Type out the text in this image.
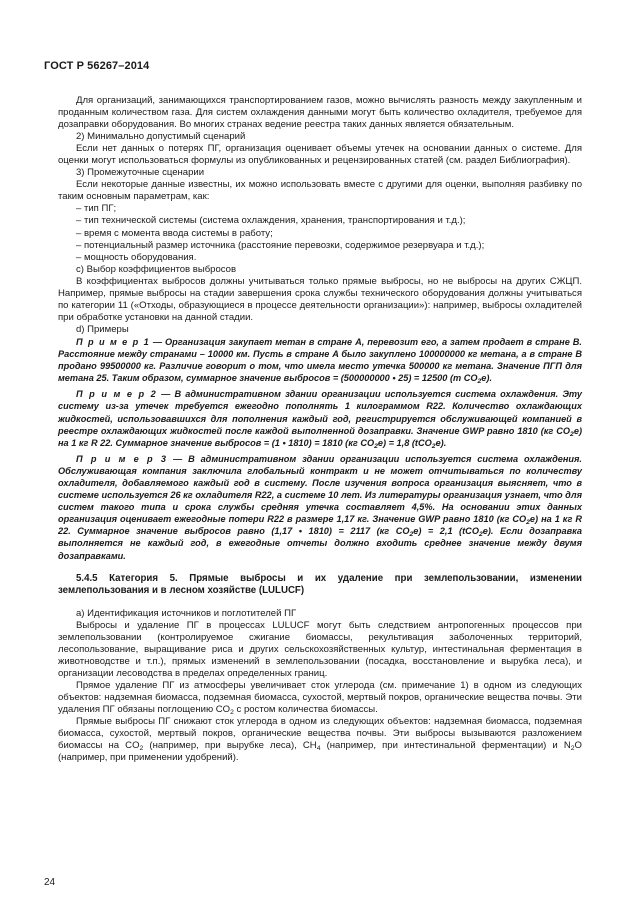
ГОСТ Р 56267–2014

Для организаций, занимающихся транспортированием газов, можно вычислять разность между закупленным и проданным количеством газа. Для систем охлаждения данными могут быть количество охладителя, требуемое для дозаправки оборудования. Во многих странах ведение реестра таких данных является обязательным.

2) Минимально допустимый сценарий

Если нет данных о потерях ПГ, организация оценивает объемы утечек на основании данных о системе. Для оценки могут использоваться формулы из опубликованных и рецензированных статей (см. раздел Библиография).

3) Промежуточные сценарии

Если некоторые данные известны, их можно использовать вместе с другими для оценки, выполняя разбивку по таким основным параметрам, как:

– тип ПГ;

– тип технической системы (система охлаждения, хранения, транспортирования и т.д.);

– время с момента ввода системы в работу;

– потенциальный размер источника (расстояние перевозки, содержимое резервуара и т.д.);

– мощность оборудования.

c) Выбор коэффициентов выбросов

В коэффициентах выбросов должны учитываться только прямые выбросы, но не выбросы на других СЖЦП. Например, прямые выбросы на стадии завершения срока службы технического оборудования должны учитываться по категории 11 («Отходы, образующиеся в процессе деятельности организации»): например, выбросы охладителей при обработке установки на данной стадии.

d) Примеры

П р и м е р 1 — Организация закупает метан в стране A, перевозит его, а затем продает в стране B. Расстояние между странами – 10000 км. Пусть в стране A было закуплено 100000000 кг метана, а в стране B продано 99500000 кг. Различие говорит о том, что имела место утечка 500000 кг метана. Значение ПГП для метана 25. Таким образом, суммарное значение выбросов = (500000000 • 25) = 12500 (т $CO_2e$).

П р и м е р 2 — В административном здании организации используется система охлаждения. Эту систему из-за утечек требуется ежегодно пополнять 1 килограммом R22. Количество охлаждающих жидкостей, использовавшихся для пополнения каждый год, регистрируется обслуживающей компанией в реестре охлаждающих жидкостей после каждой выполненной дозаправки. Значение GWP равно 1810 (кг $CO_2e$) на 1 кг R 22. Суммарное значение выбросов = (1 • 1810) = 1810 (кг $CO_2e) = 1,8$ (tCO$_2$e).

П р и м е р 3 — В административном здании организации используется система охлаждения. Обслуживающая компания заключила глобальный контракт и не может отчитываться по количеству охладителя, добавляемого каждый год в систему. После изучения вопроса организация выясняет, что в системе используется 26 кг охладителя R22, а системе 10 лет. Из литературы организация узнает, что для систем такого типа и срока службы средняя утечка составляет 4,5%. На основании этих данных организация оценивает ежегодные потери R22 в размере 1,17 кг. Значение GWP равно 1810 (кг $CO_2e$) на 1 кг R 22. Суммарное значение выбросов равно (1,17 • 1810) = 2117 (кг $CO_2e) = 2,1$ (tCO$_2$e). Если дозаправка выполняется не каждый год, в ежегодные отчеты должно входить среднее значение между двумя дозаправками.

5.4.5 Категория 5. Прямые выбросы и их удаление при землепользовании, изменении землепользования и в лесном хозяйстве (LULUCF)

a) Идентификация источников и поглотителей ПГ

Выбросы и удаление ПГ в процессах LULUCF могут быть следствием антропогенных процессов при землепользовании (контролируемое сжигание биомассы, рекультивация заболоченных территорий, лесопользование, выращивание риса и других сельскохозяйственных культур, интестинальная ферментация в животноводстве и т.п.), прямых изменений в землепользовании (посадка, восстановление и вырубка леса), и организации лесоводства в пределах определенных границ.

Прямое удаление ПГ из атмосферы увеличивает сток углерода (см. примечание 1) в одном из следующих объектов: надземная биомасса, подземная биомасса, сухостой, мертвый покров, органические вещества почвы. Эти удаления ПГ обязаны поглощению $CO_2$ с ростом количества биомассы.

Прямые выбросы ПГ снижают сток углерода в одном из следующих объектов: надземная биомасса, подземная биомасса, сухостой, мертвый покров, органические вещества почвы. Эти выбросы вызываются разложением биомассы на $CO_2$ (например, при вырубке леса), $CH_4$ (например, при интестинальной ферментации) и $N_2O$ (например, при применении удобрений).

24
